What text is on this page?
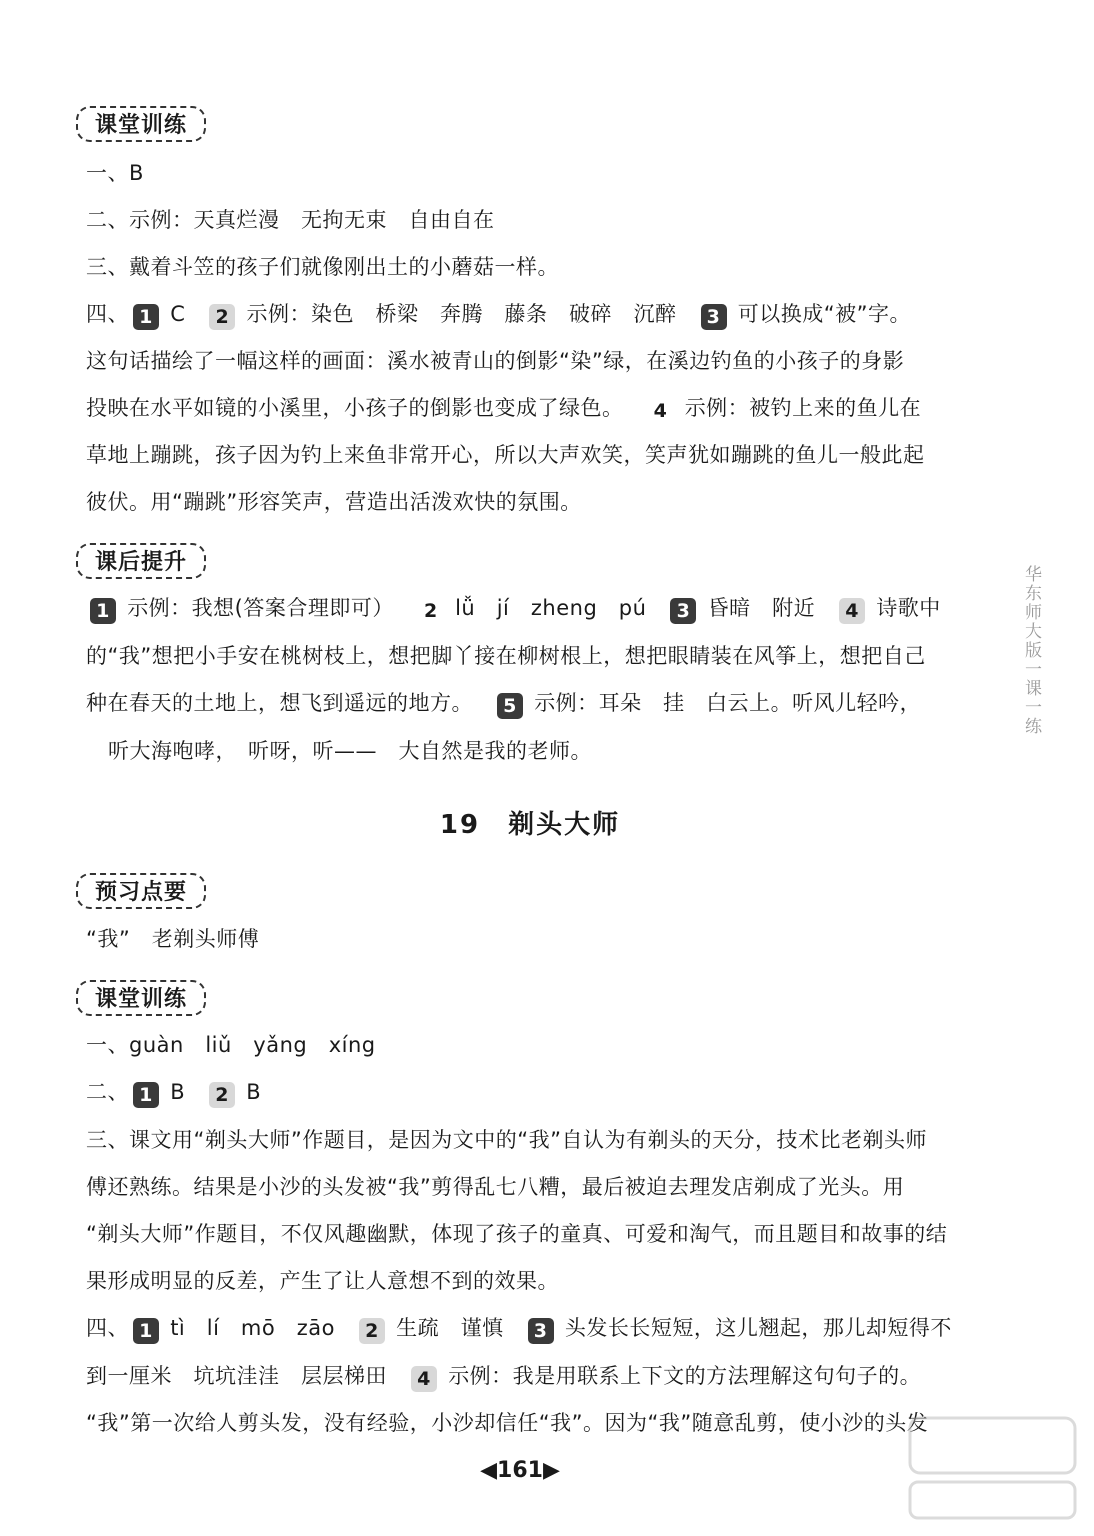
课堂训练
一、B
二、示例：天真烂漫　无拘无束　自由自在
三、戴着斗笠的孩子们就像刚出土的小蘑菇一样。
四、 1 C 2 示例：染色　桥梁　奔腾　藤条　破碎　沉醉 3 可以换成“被”字。
这句话描绘了一幅这样的画面：溪水被青山的倒影“染”绿，在溪边钓鱼的小孩子的身影
投映在水平如镜的小溪里，小孩子的倒影也变成了绿色。 4 示例：被钓上来的鱼儿在
草地上蹦跳，孩子因为钓上来鱼非常开心，所以大声欢笑，笑声犹如蹦跳的鱼儿一般此起
彼伏。用“蹦跳”形容笑声，营造出活泼欢快的氛围。
课后提升
1 示例：我想(答案合理即可） 2 lǚ　jí　zheng　pú 3 昏暗　附近 4 诗歌中
的“我”想把小手安在桃树枝上，想把脚丫接在柳树根上，想把眼睛装在风筝上，想把自己
种在春天的土地上，想飞到遥远的地方。 5 示例：耳朵　挂　白云上。听风儿轻吟，
听大海咆哮，　听呀，听——　大自然是我的老师。
19　剃头大师
预习点要
“我”　老剃头师傅
课堂训练
一、guàn　liǔ　yǎng　xíng
二、 1 B 2 B
三、课文用“剃头大师”作题目，是因为文中的“我”自认为有剃头的天分，技术比老剃头师
傅还熟练。结果是小沙的头发被“我”剪得乱七八糟，最后被迫去理发店剃成了光头。用
“剃头大师”作题目，不仅风趣幽默，体现了孩子的童真、可爱和淘气，而且题目和故事的结
果形成明显的反差，产生了让人意想不到的效果。
四、 1 tì　lí　mō　zāo 2 生疏　谨慎 3 头发长长短短，这儿翘起，那儿却短得不
到一厘米　坑坑洼洼　层层梯田 4 示例：我是用联系上下文的方法理解这句句子的。
“我”第一次给人剪头发，没有经验，小沙却信任“我”。因为“我”随意乱剪，使小沙的头发
◀161▶
华东师大版一课一练
